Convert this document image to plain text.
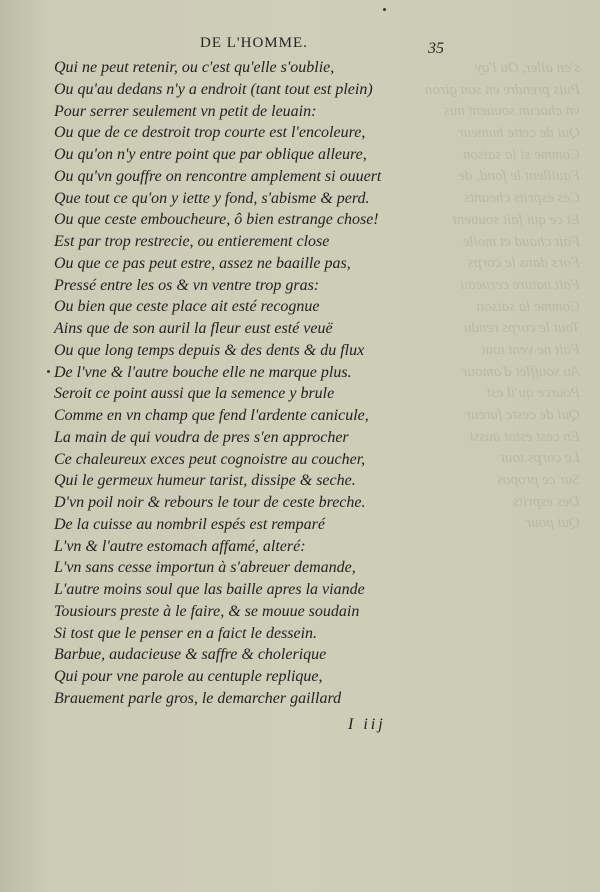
s'en aller, Ou l'ay
Puis prendre en son giron
vn chacun souuent mis
Qui de cette humeur
Comme si la saison
Fauillent le fond, de
Ces esprits cheants
Et ce qui fait souuent
Fait chaud et molle
Fors dans le corps
Fait nature cerueau
Comme la saison
Tout le corps rendu
Fait ne vent tout
Au soufflet d'amour
Pource qu'il est
Qui de ceste fureur
En cest estat aussi
Le corps tout
Sur ce propos
Des esprits
Qui pour
DE L'HOMME.	35
Qui ne peut retenir, ou c'est qu'elle s'oublie,
Ou qu'au dedans n'y a endroit (tant tout est plein)
Pour serrer seulement vn petit de leuain:
Ou que de ce destroit trop courte est l'encoleure,
Ou qu'on n'y entre point que par oblique alleure,
Ou qu'vn gouffre on rencontre amplement si ouuert
Que tout ce qu'on y iette y fond, s'abisme & perd.
Ou que ceste emboucheure, ô bien estrange chose!
Est par trop restrecie, ou entierement close
Ou que ce pas peut estre, assez ne baaille pas,
Pressé entre les os & vn ventre trop gras:
Ou bien que ceste place ait esté recognue
Ains que de son auril la fleur eust esté veuë
Ou que long temps depuis & des dents & du flux
De l'vne & l'autre bouche elle ne marque plus.
Seroit ce point aussi que la semence y brule
Comme en vn champ que fend l'ardente canicule,
La main de qui voudra de pres s'en approcher
Ce chaleureux exces peut cognoistre au coucher,
Qui le germeux humeur tarist, dissipe & seche.
D'vn poil noir & rebours le tour de ceste breche.
De la cuisse au nombril espés est remparé
L'vn & l'autre estomach affamé, alteré:
L'vn sans cesse importun à s'abreuer demande,
L'autre moins soul que las baille apres la viande
Tousiours preste à le faire, & se mouue soudain
Si tost que le penser en a faict le dessein.
Barbue, audacieuse & saffre & cholerique
Qui pour vne parole au centuple replique,
Brauement parle gros, le demarcher gaillard
I iij
